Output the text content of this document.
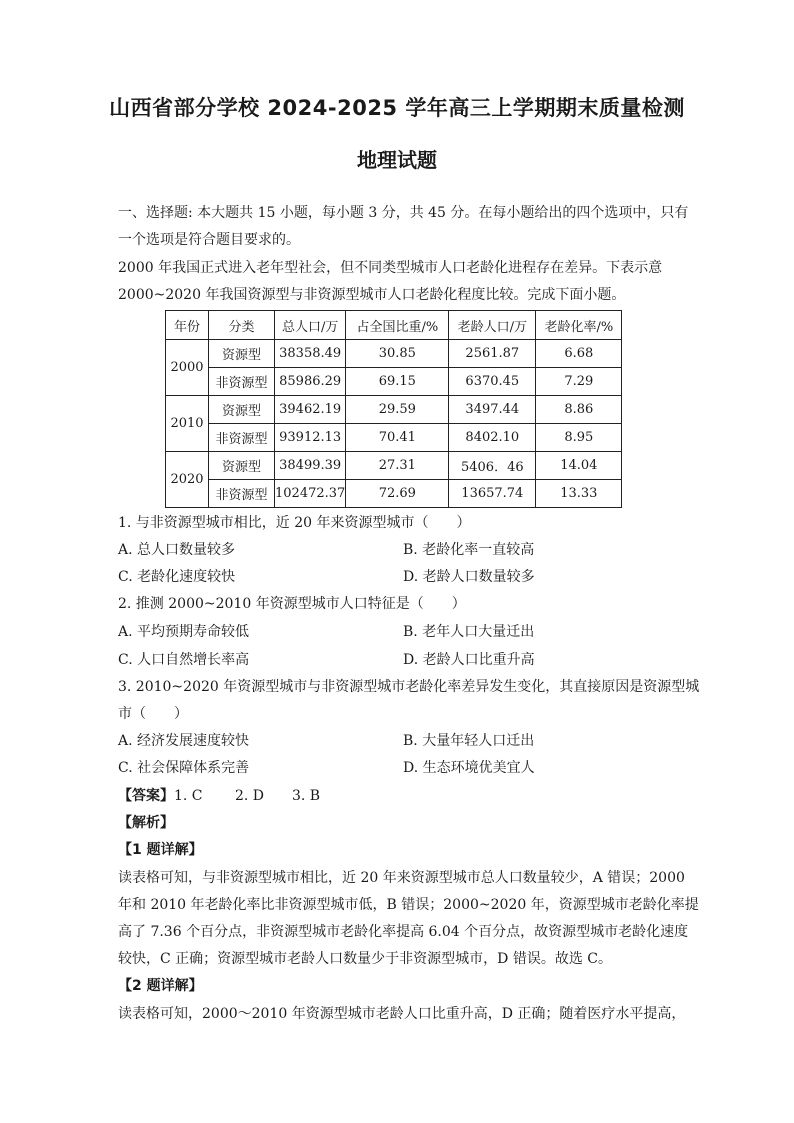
山西省部分学校 2024-2025 学年高三上学期期末质量检测
地理试题
一、选择题: 本大题共 15 小题，每小题 3 分，共 45 分。在每小题给出的四个选项中，只有
一个选项是符合题目要求的。
2000 年我国正式进入老年型社会，但不同类型城市人口老龄化进程存在差异。下表示意
2000~2020 年我国资源型与非资源型城市人口老龄化程度比较。完成下面小题。
年份	分类	总人口/万	占全国比重/%	老龄人口/万	老龄化率/%
2000	资源型	38358.49	30.85	2561.87	6.68
	非资源型	85986.29	69.15	6370.45	7.29
2010	资源型	39462.19	29.59	3497.44	8.86
	非资源型	93912.13	70.41	8402.10	8.95
2020	资源型	38499.39	27.31	5406．46	14.04
	非资源型	102472.37	72.69	13657.74	13.33
1. 与非资源型城市相比，近 20 年来资源型城市（　　）
A. 总人口数量较多	B. 老龄化率一直较高
C. 老龄化速度较快	D. 老龄人口数量较多
2. 推测 2000~2010 年资源型城市人口特征是（　　）
A. 平均预期寿命较低	B. 老年人口大量迁出
C. 人口自然增长率高	D. 老龄人口比重升高
3. 2010~2020 年资源型城市与非资源型城市老龄化率差异发生变化，其直接原因是资源型城
市（　　）
A. 经济发展速度较快	B. 大量年轻人口迁出
C. 社会保障体系完善	D. 生态环境优美宜人
【答案】1. C　　 2. D　　3. B
【解析】
【1 题详解】
读表格可知，与非资源型城市相比，近 20 年来资源型城市总人口数量较少，A 错误；2000
年和 2010 年老龄化率比非资源型城市低，B 错误；2000~2020 年，资源型城市老龄化率提
高了 7.36 个百分点，非资源型城市老龄化率提高 6.04 个百分点，故资源型城市老龄化速度
较快，C 正确；资源型城市老龄人口数量少于非资源型城市，D 错误。故选 C。
【2 题详解】
读表格可知，2000～2010 年资源型城市老龄人口比重升高，D 正确；随着医疗水平提高，
